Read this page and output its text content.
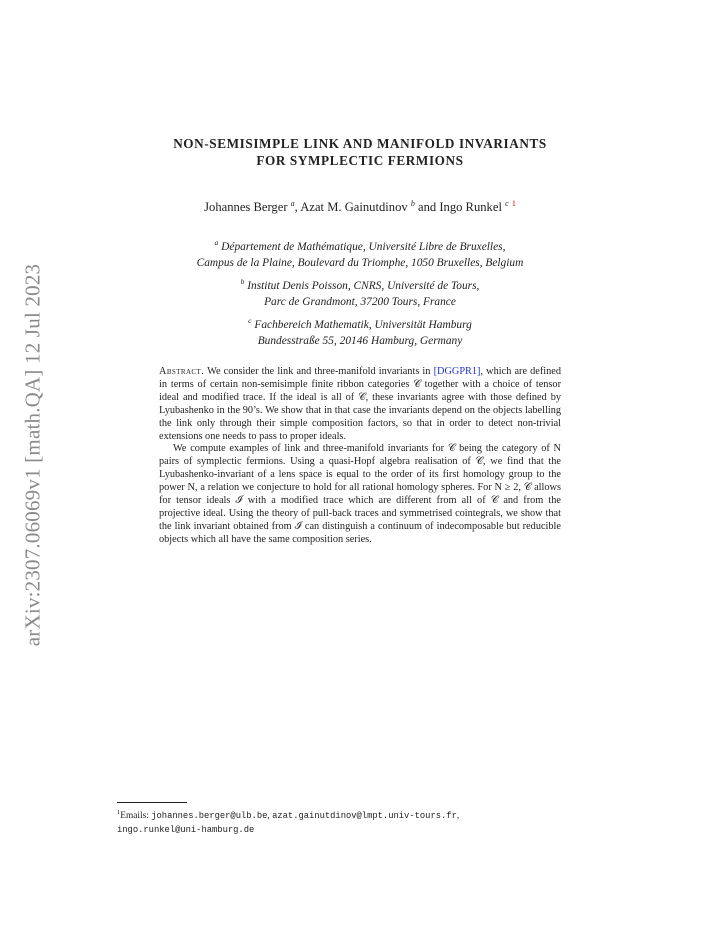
arXiv:2307.06069v1 [math.QA] 12 Jul 2023
NON-SEMISIMPLE LINK AND MANIFOLD INVARIANTS
FOR SYMPLECTIC FERMIONS
Johannes Berger $^a$, Azat M. Gainutdinov $^b$ and Ingo Runkel $^c$ $^1$
$^a$ Département de Mathématique, Université Libre de Bruxelles,
Campus de la Plaine, Boulevard du Triomphe, 1050 Bruxelles, Belgium
$^b$ Institut Denis Poisson, CNRS, Université de Tours,
Parc de Grandmont, 37200 Tours, France
$^c$ Fachbereich Mathematik, Universität Hamburg
Bundesstraße 55, 20146 Hamburg, Germany

Abstract. We consider the link and three-manifold invariants in [DGGPR1], which are defined in terms of certain non-semisimple finite ribbon categories 𝒞 together with a choice of tensor ideal and modified trace. If the ideal is all of 𝒞, these invariants agree with those defined by Lyubashenko in the 90’s. We show that in that case the invariants depend on the objects labelling the link only through their simple composition factors, so that in order to detect non-trivial extensions one needs to pass to proper ideals.

We compute examples of link and three-manifold invariants for 𝒞 being the category of N pairs of symplectic fermions. Using a quasi-Hopf algebra realisation of 𝒞, we find that the Lyubashenko-invariant of a lens space is equal to the order of its first homology group to the power N, a relation we conjecture to hold for all rational homology spheres. For N ≥ 2, 𝒞 allows for tensor ideals ℐ with a modified trace which are different from all of 𝒞 and from the projective ideal. Using the theory of pull-back traces and symmetrised cointegrals, we show that the link invariant obtained from ℐ can distinguish a continuum of indecomposable but reducible objects which all have the same composition series.

$^1$Emails: johannes.berger@ulb.be, azat.gainutdinov@lmpt.univ-tours.fr,
ingo.runkel@uni-hamburg.de
